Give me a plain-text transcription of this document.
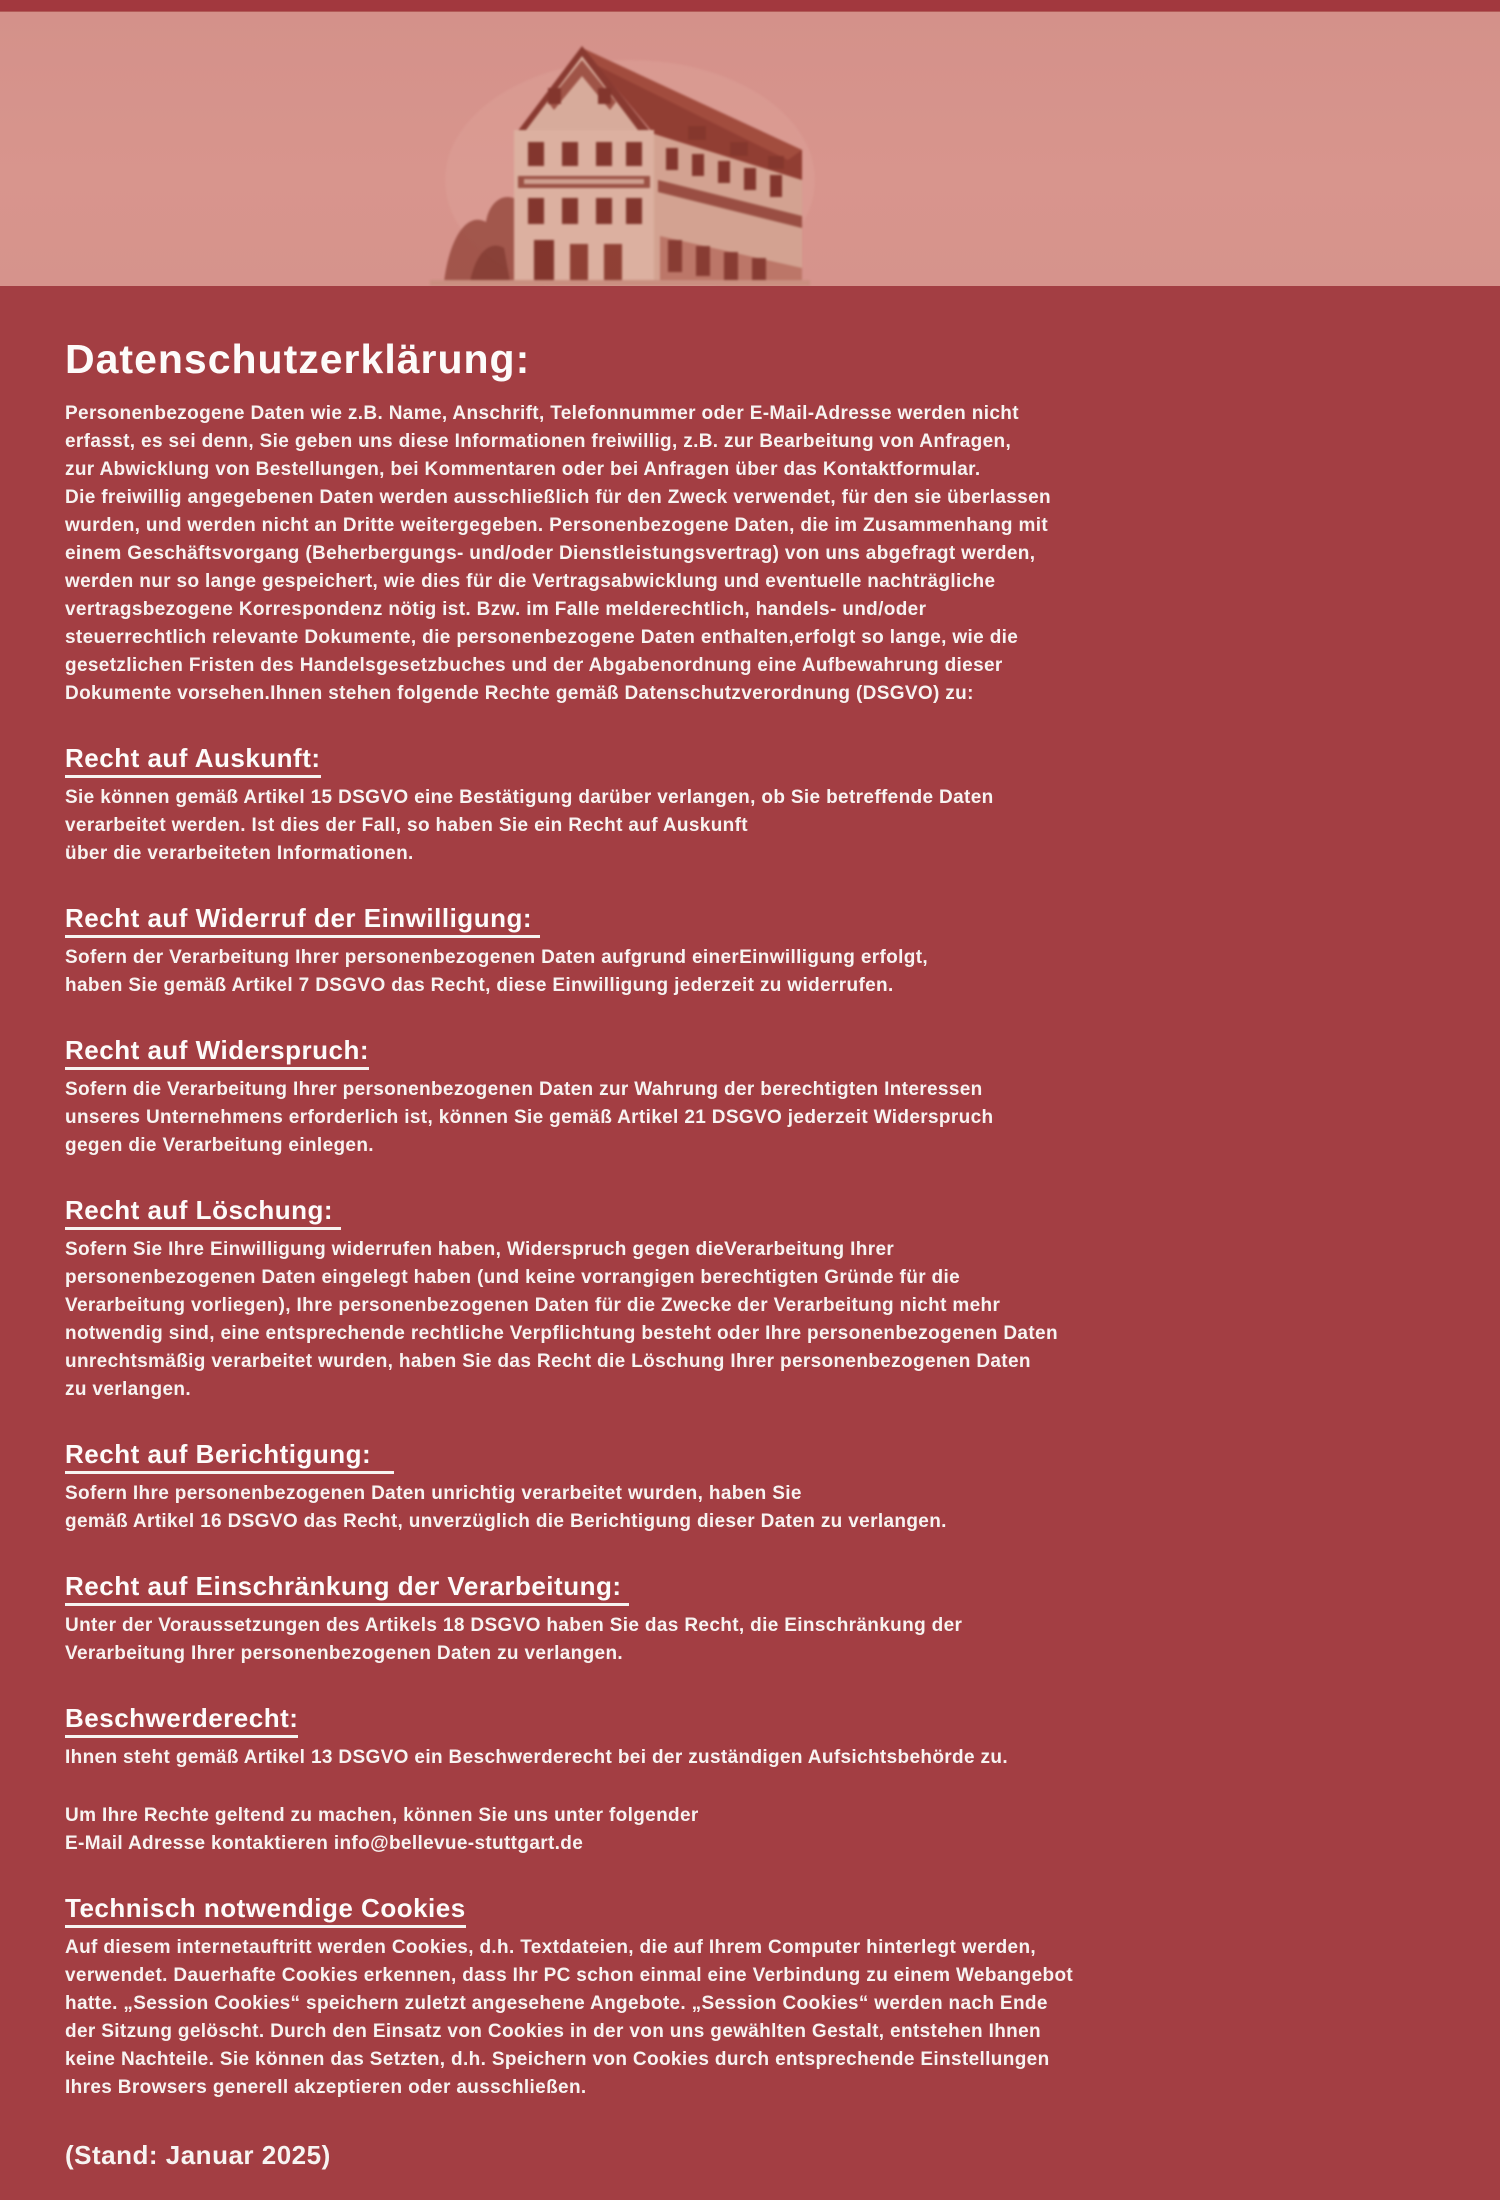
Datenschutzerklärung:

Personenbezogene Daten wie z.B. Name, Anschrift, Telefonnummer oder E-Mail-Adresse werden nicht
erfasst, es sei denn, Sie geben uns diese Informationen freiwillig, z.B. zur Bearbeitung von Anfragen,
zur Abwicklung von Bestellungen, bei Kommentaren oder bei Anfragen über das Kontaktformular.
Die freiwillig angegebenen Daten werden ausschließlich für den Zweck verwendet, für den sie überlassen
wurden, und werden nicht an Dritte weitergegeben. Personenbezogene Daten, die im Zusammenhang mit
einem Geschäftsvorgang (Beherbergungs- und/oder Dienstleistungsvertrag) von uns abgefragt werden,
werden nur so lange gespeichert, wie dies für die Vertragsabwicklung und eventuelle nachträgliche
vertragsbezogene Korrespondenz nötig ist. Bzw. im Falle melderechtlich, handels- und/oder
steuerrechtlich relevante Dokumente, die personenbezogene Daten enthalten,erfolgt so lange, wie die
gesetzlichen Fristen des Handelsgesetzbuches und der Abgabenordnung eine Aufbewahrung dieser
Dokumente vorsehen.Ihnen stehen folgende Rechte gemäß Datenschutzverordnung (DSGVO) zu:

Recht auf Auskunft:

Sie können gemäß Artikel 15 DSGVO eine Bestätigung darüber verlangen, ob Sie betreffende Daten
verarbeitet werden. Ist dies der Fall, so haben Sie ein Recht auf Auskunft
über die verarbeiteten Informationen.

Recht auf Widerruf der Einwilligung:

Sofern der Verarbeitung Ihrer personenbezogenen Daten aufgrund einerEinwilligung erfolgt,
haben Sie gemäß Artikel 7 DSGVO das Recht, diese Einwilligung jederzeit zu widerrufen.

Recht auf Widerspruch:

Sofern die Verarbeitung Ihrer personenbezogenen Daten zur Wahrung der berechtigten Interessen
unseres Unternehmens erforderlich ist, können Sie gemäß Artikel 21 DSGVO jederzeit Widerspruch
gegen die Verarbeitung einlegen.

Recht auf Löschung:

Sofern Sie Ihre Einwilligung widerrufen haben, Widerspruch gegen dieVerarbeitung Ihrer
personenbezogenen Daten eingelegt haben (und keine vorrangigen berechtigten Gründe für die
Verarbeitung vorliegen), Ihre personenbezogenen Daten für die Zwecke der Verarbeitung nicht mehr
notwendig sind, eine entsprechende rechtliche Verpflichtung besteht oder Ihre personenbezogenen Daten
unrechtsmäßig verarbeitet wurden, haben Sie das Recht die Löschung Ihrer personenbezogenen Daten
zu verlangen.

Recht auf Berichtigung:

Sofern Ihre personenbezogenen Daten unrichtig verarbeitet wurden, haben Sie
gemäß Artikel 16 DSGVO das Recht, unverzüglich die Berichtigung dieser Daten zu verlangen.

Recht auf Einschränkung der Verarbeitung:

Unter der Voraussetzungen des Artikels 18 DSGVO haben Sie das Recht, die Einschränkung der
Verarbeitung Ihrer personenbezogenen Daten zu verlangen.

Beschwerderecht:

Ihnen steht gemäß Artikel 13 DSGVO ein Beschwerderecht bei der zuständigen Aufsichtsbehörde zu.

Um Ihre Rechte geltend zu machen, können Sie uns unter folgender
E-Mail Adresse kontaktieren info@bellevue-stuttgart.de

Technisch notwendige Cookies

Auf diesem internetauftritt werden Cookies, d.h. Textdateien, die auf Ihrem Computer hinterlegt werden,
verwendet. Dauerhafte Cookies erkennen, dass Ihr PC schon einmal eine Verbindung zu einem Webangebot
hatte. „Session Cookies“ speichern zuletzt angesehene Angebote. „Session Cookies“ werden nach Ende
der Sitzung gelöscht. Durch den Einsatz von Cookies in der von uns gewählten Gestalt, entstehen Ihnen
keine Nachteile. Sie können das Setzten, d.h. Speichern von Cookies durch entsprechende Einstellungen
Ihres Browsers generell akzeptieren oder ausschließen.

(Stand: Januar 2025)
